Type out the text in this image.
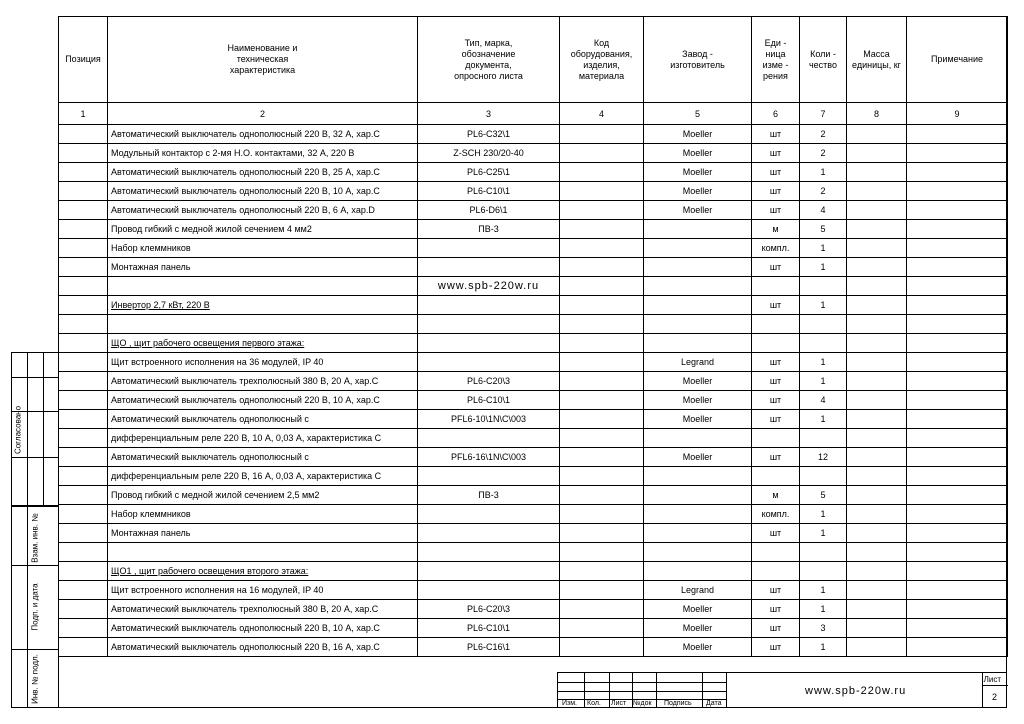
Согласовано
Взам. инв. №
Подп. и дата
Инв. № подл.
Позиция	Наименование и техническая характеристика	Тип, марка, обозначение документа, опросного листа	Код оборудования, изделия, материала	Завод - изготовитель	Еди - ница изме - рения	Коли - чество	Масса единицы, кг	Примечание
1	2	3	4	5	6	7	8	9
	Автоматический выключатель однополюсный 220 В, 32 А, хар.С	PL6-C32\1		Moeller	шт	2		
	Модульный контактор с 2-мя Н.О. контактами, 32 А, 220 В	Z-SCH 230/20-40		Moeller	шт	2		
	Автоматический выключатель однополюсный 220 В, 25 А, хар.С	PL6-C25\1		Moeller	шт	1		
	Автоматический выключатель однополюсный 220 В, 10 А, хар.С	PL6-C10\1		Moeller	шт	2		
	Автоматический выключатель однополюсный 220 В, 6 А, хар.D	PL6-D6\1		Moeller	шт	4		
	Провод гибкий с медной жилой сечением 4 мм2	ПВ-3			м	5		
	Набор клеммников				компл.	1		
	Монтажная панель				шт	1		
		www.spb-220w.ru						
	Инвертор 2,7 кВт, 220 В				шт	1		

	ЩО , щит рабочего освещения первого этажа:							
	Щит встроенного исполнения на 36 модулей, IP 40			Legrand	шт	1		
	Автоматический выключатель трехполюсный 380 В, 20 А, хар.С	PL6-C20\3		Moeller	шт	1		
	Автоматический выключатель однополюсный 220 В, 10 А, хар.С	PL6-C10\1		Moeller	шт	4		
	Автоматический выключатель однополюсный с	PFL6-10\1N\C\003		Moeller	шт	1		
	дифференциальным реле 220 В, 10 А, 0,03 А, характеристика С							
	Автоматический выключатель однополюсный с	PFL6-16\1N\C\003		Moeller	шт	12		
	дифференциальным реле 220 В, 16 А, 0,03 А, характеристика С							
	Провод гибкий с медной жилой сечением 2,5 мм2	ПВ-3			м	5		
	Набор клеммников				компл.	1		
	Монтажная панель				шт	1		

	ЩО1 , щит рабочего освещения второго этажа:							
	Щит встроенного исполнения на 16 модулей, IP 40			Legrand	шт	1		
	Автоматический выключатель трехполюсный 380 В, 20 А, хар.С	PL6-C20\3		Moeller	шт	1		
	Автоматический выключатель однополюсный 220 В, 10 А, хар.С	PL6-C10\1		Moeller	шт	3		
	Автоматический выключатель однополюсный 220 В, 16 А, хар.С	PL6-C16\1		Moeller	шт	1		
Изм. Кол. Лист №док Подпись Дата
www.spb-220w.ru
Лист
2
